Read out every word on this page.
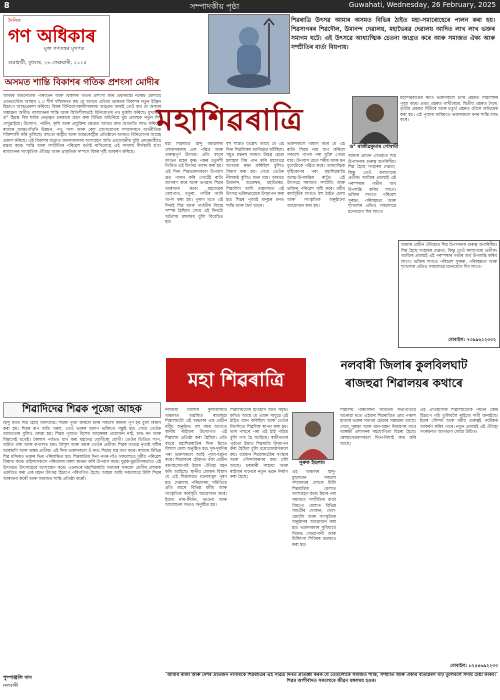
8	সম্পাদকীয় পৃষ্ঠা	Guwahati, Wednesday, 26 February, 2025
দৈনিক
গণ অধিকাৰ
মুক্ত গণতন্ত্ৰৰ মুখপত্ৰ
গুৱাহাটী, বুধবাৰ, ২৬ ফেব্ৰুৱাৰী, ২০২৫
অসমত শান্তি বিকাশৰ গতিক প্ৰশংসা মোদীৰ
অসমৰ অৰ্থনৈতিক পৰিবৰ্তন আৰু বিকাশৰ গতিৰ প্ৰশংসা কৰি প্ৰধানমন্ত্ৰী নৰেন্দ্ৰ মোদীয়ে এডভান্টেজ আছাম ২.০ শীৰ্ষ সন্মিলনত কয় যে অসমে এতিয়া ভাৰতৰ বিকাশৰ নতুন ইঞ্জিন হিচাপে আত্মপ্ৰকাশ কৰিছে। বিশ্বৰ বিনিয়োগকাৰীসকলক আহ্বান জনাই তেওঁ কয় যে অসমৰ সম্ভাৱনা অসীম। ৰাজ্যখনৰ শান্তি আৰু স্থিতিশীলতাই বিনিয়োগৰ পথ মুকলি কৰিছে। মুখ্যমন্ত্ৰী ড° হিমন্ত বিশ্ব শৰ্মাৰ নেতৃত্বত চৰকাৰে গ্ৰহণ কৰা বিভিন্ন আঁচনিয়ে যুৱ প্ৰজন্মক নতুন দিশ দেখুৱাইছে। উদ্যোগ, পৰ্যটন, কৃষি আৰু প্ৰযুক্তিৰ ক্ষেত্ৰত অসমে দ্ৰুত অগ্ৰগতি লাভ কৰিছে। ৰাজ্যৰ আন্তঃগাঁথনি উন্নয়ন, পথ, দলং আৰু ৰেল যোগাযোগৰ সম্প্ৰসাৰণে অৰ্থনীতিক শক্তিশালী কৰি তুলিছে। বহুতো ৰাষ্ট্ৰীয় আৰু আন্তঃৰাষ্ট্ৰীয় প্ৰতিষ্ঠানে অসমত বিনিয়োগৰ আগ্ৰহ প্ৰকাশ কৰিছে। এই বিকাশৰ যাত্ৰাত জনসাধাৰণৰ অংশগ্ৰহণ অতি প্ৰয়োজনীয় বুলি প্ৰধানমন্ত্ৰীয়ে মন্তব্য কৰে। শান্তি আৰু সম্প্ৰীতিৰ পৰিৱেশ বৰ্তাই ৰাখিলেহে এই সাফল্য দীৰ্ঘস্থায়ী হ'ব। ৰাজ্যখনৰ সাংস্কৃতিক ঐতিহ্য আৰু প্ৰাকৃতিক সম্পদে বিশ্বৰ দৃষ্টি আকৰ্ষণ কৰিছে।
শিৱৰাত্ৰি উৎসৱ আমাৰ অসমত বিভিন্ন ঠাইত মহা-সমাৰোহেৰে পালন কৰা হয়। শিৱসাগৰৰ শিৱদৌল, উমানন্দ দেৱালয়, মহাভৈৰৱ দেৱালয় আদিত লাখ লাখ ভক্তৰ সমাগম ঘটে। এই উৎসৱে আধ্যাত্মিক চেতনা জাগ্ৰত কৰে আৰু সমাজত ঐক্য আৰু সম্প্ৰীতিৰ বাৰ্তা বিয়পায়।
মহাশিৱৰাত্ৰি
ড° ৰাজীৱকুমাৰ গোস্বামী
মহা শিৱৰাত্ৰি হিন্দু ধৰ্মাৱলম্বী লোকসকলৰ এক পৱিত্ৰ আৰু গুৰুত্বপূৰ্ণ উৎসৱ। প্ৰতি বছৰে ফাগুন মাহৰ কৃষ্ণ পক্ষৰ চতুৰ্দশী তিথিত এই উৎসৱ পালন কৰা হয়। এই দিনা শিৱভক্তসকলে উপবাস ব্ৰত পালন কৰি গোটেই ৰাতি জাগৰণ কৰে আৰু ভগৱান শিৱৰ আৰাধনা কৰে। মহাদেৱক বেলপাত, ধতুৰা, গাখীৰ আদি অৰ্পণ কৰা হয়। পুৰাণ মতে এই দিনাই শিৱ আৰু পাৰ্বতীৰ বিবাহ সম্পন্ন হৈছিল। সেয়ে এই দিনটো অতিশয় মঙ্গলময় বুলি বিবেচিত হয়।
বহু শাস্ত্ৰত উল্লেখ আছে যে এই দিনা শিৱলিঙ্গৰ আবিৰ্ভাৱ ঘটিছিল। সমুদ্ৰ মন্থনৰ সময়ত উদ্ভৱ হোৱা হলাহল বিষ পান কৰি মহাদেৱে জগতক ৰক্ষা কৰিছিল বুলিও বিশ্বাস কৰা হয়। সেয়ে তেওঁক নীলকণ্ঠ বুলিও জনা যায়। অসমত উমানন্দ, শুক্ৰেশ্বৰ, মহাভৈৰৱ, শিৱদৌল আদি দেৱালয়ত এই উৎসৱ ভক্তিভাৱেৰে উদ্‌যাপন কৰা হয়। শিৱৰ পূজাই মানুহৰ মনত শান্তি আৰু ধৈৰ্য আনে।
ভক্তসকলে বিশ্বাস কৰে যে এই ৰাতি শিৱৰ নাম জপ কৰিলে সকলো পাপৰ পৰা মুক্তি পোৱা যায়। উপবাস ব্ৰতে শৰীৰ আৰু মন দুয়োটাকে পৱিত্ৰ কৰে। আধ্যাত্মিক দৃষ্টিকোণৰ পৰা মহাশিৱৰাত্ৰি আত্ম-উপলব্ধিৰ ৰাতি। এই উৎসৱে সমাজত সম্প্ৰীতি আৰু ভক্তিৰ পৰিৱেশ সৃষ্টি কৰে। ধৰ্মীয় কাৰ্যসূচীৰ লগতে বহু ঠাইত মেলা আৰু সাংস্কৃতিক অনুষ্ঠানো আয়োজন কৰা হয়।
আমাৰ প্ৰাচীন ঐতিহ্যত শিৱ উপাসনাৰ গুৰুত্ব অপৰিসীম। শিৱ হৈছে সংহাৰৰ দেৱতা, কিন্তু তেওঁ কল্যাণৰো প্ৰতীক। আজিৰ প্ৰজন্মই এই পৰম্পৰাৰ গভীৰ অৰ্থ উপলব্ধি কৰিব লাগে। ভক্তিৰ লগতে পৰিৱেশ সুৰক্ষা, পৰিচ্ছন্নতা আৰু শৃংখলাৰ প্ৰতিও সকলোৱে মনোযোগ দিব লাগে।
মহাশিৱৰাত্ৰিৰ ৰাতি ভক্তসকলে চাৰি প্ৰহৰত শিৱলিঙ্গৰ পূজা কৰে। প্ৰথম প্ৰহৰত গাখীৰেৰে, দ্বিতীয় প্ৰহৰত দৈৰে, তৃতীয় প্ৰহৰত ঘিঁউৰে আৰু চতুৰ্থ প্ৰহৰত মৌৰে অভিষেক কৰা হয়। এই পূজাৰ জৰিয়তে ভক্তসকলে মনৰ শান্তি লাভ কৰে।
আমাৰ প্ৰাচীন ঐতিহ্যত শিৱ উপাসনাৰ গুৰুত্ব অপৰিসীম। শিৱ হৈছে সংহাৰৰ দেৱতা, কিন্তু তেওঁ কল্যাণৰো প্ৰতীক। আজিৰ প্ৰজন্মই এই পৰম্পৰাৰ গভীৰ অৰ্থ উপলব্ধি কৰিব লাগে। ভক্তিৰ লগতে পৰিৱেশ সুৰক্ষা, পৰিচ্ছন্নতা আৰু শৃংখলাৰ প্ৰতিও সকলোৱে মনোযোগ দিব লাগে।
মোবাইল: ৭৩৯৯৬১২৩৩২
শিৱাদিদেৱ শিৱক পূজো আহক
হিন্দু ধৰ্মত শিৱ হৈছে আদিদেৱ। শিৱক পূজা কৰিলে মনৰ সকলো কামনা পূৰ্ণ হয় বুলি বিশ্বাস কৰা হয়। শিৱৰ ৰূপ অতি সৰল, তেওঁ ভক্তৰ অলপ ভক্তিতে সন্তুষ্ট হয়। সেয়ে তেওঁক আশুতোষ বুলিও কোৱা হয়। শিৱৰ পূজাত বিশেষ আড়ম্বৰৰ প্ৰয়োজন নাই, শুদ্ধ মন আৰু বিশ্বাসেই যথেষ্ট। কৈলাস পৰ্বতত বাস কৰা মহাদেৱ যোগীৰো যোগী। তেওঁৰ ডিঙিত সাপ, জটাত গঙ্গা আৰু কপালত চন্দ্ৰ। ত্ৰিশূল আৰু ডমৰু তেওঁৰ প্ৰতীক। শিৱৰ তাণ্ডৱ নৃত্যই সৃষ্টিৰ আৰম্ভণি আৰু অন্তৰ প্ৰতীক। এই দিনা ভক্তসকলে ওঁ নমঃ শিৱায় মন্ত্ৰ জপ কৰে। ৰাজ্যৰ বিভিন্ন শিৱ মন্দিৰত ভক্তৰ ভিৰ পৰিলক্ষিত হয়। শিৱৰাত্ৰিৰ দিনা নগৰ-গাঁও সকলোতে ধৰ্মীয় পৰিৱেশ বিৰাজ কৰে। মহিলাসকলে পৰিয়ালৰ মঙ্গল কামনা কৰি উপবাস কৰে। যুৱক-যুৱতীসকলেও এই উৎসৱত উৎসাহেৰে অংশগ্ৰহণ কৰে। এনেদৰে মহাশিৱৰাত্ৰি সমাজৰ সকলো শ্ৰেণীৰ লোকক একত্ৰিত কৰা এক মহান উৎসৱ হিচাপে পৰিগণিত হৈছে। আহক আমি সকলোৱে মিলি শিৱৰ আৰাধনা কৰোঁ আৰু সমাজত শান্তি প্ৰতিষ্ঠা কৰোঁ।
পুষ্পাঞ্জলি দাস
নলবাৰী
মহা শিৱৰাত্ৰি
নলবাৰী জিলাৰ কুলবিলঘাট
ৰাজহুৱা শিৱালয়ৰ কথাৰে
সুৰুক ইছলাম
নলবাৰী জিলাৰ কুলবিলঘাট অঞ্চলত অৱস্থিত ৰাজহুৱা শিৱালয়টো এই অঞ্চলৰ এক প্ৰাচীন ধৰ্মীয় অনুষ্ঠান। বহু বছৰ আগতে স্থানীয় ৰাইজৰ উদ্যোগত এই শিৱালয় প্ৰতিষ্ঠা কৰা হৈছিল। প্ৰতি বছৰে মহাশিৱৰাত্ৰিৰ দিনা ইয়াত বিশাল মেলা অনুষ্ঠিত হয়। দূৰ-দূৰণিৰ পৰা ভক্তসকলে আহি পূজা-অৰ্চনা কৰে। শিৱালয়ৰ চৌহদত থকা প্ৰাচীন বৰগছজোপাই ইয়াৰ ঐতিহ্য বহন কৰি আহিছে। স্থানীয় লোকৰ বিশ্বাস যে এই শিৱালয়ত মনোবাঞ্ছা পূৰণ হয়। দেৱালয় পৰিচালনা সমিতিয়ে প্ৰতি বছৰে বিভিন্ন ধৰ্মীয় আৰু সাংস্কৃতিক কাৰ্যসূচী আয়োজন কৰে। ইয়াত নাম-কীৰ্তন, ভাওনা আৰু আলোচনা সভাও অনুষ্ঠিত হয়।
শিৱালয়টোৰ ইতিহাস অতি সমৃদ্ধ। কথিত আছে যে এজন সাধুৱে এই ঠাইত ধ্যান কৰিছিল আৰু তেওঁৰ নিৰ্দেশতে শিৱলিঙ্গ স্থাপন কৰা হয়। তাৰ পাছৰে পৰা এই ঠাই পৱিত্ৰ বুলি গণ্য হৈ আহিছে। স্বাধীনতাৰ পূৰ্বতো ইয়াত শিৱৰাত্ৰি উদ্‌যাপন কৰা হৈছিল বুলি বয়োজ্যেষ্ঠসকলে কয়। বৰ্তমান শিৱালয়টোৰ সংস্কাৰ আৰু সৌন্দৰ্যকৰণৰ কাম চলি আছে। চৰকাৰী সাহায্য আৰু ৰাইজৰ দানেৰে নতুন ভৱন নিৰ্মাণ কৰা হৈছে।
এই অঞ্চলৰ হিন্দু-মুছলমান সকলো সম্প্ৰদায়ৰ লোকে মিলি শিৱৰাত্ৰিৰ মেলাত অংশগ্ৰহণ কৰে। ইয়াৰ পৰা সমাজত সম্প্ৰীতিৰ বাৰ্তা বিয়পে। মেলাত বিভিন্ন সামগ্ৰীৰ দোকান, খেল-ধেমালি আৰু সাংস্কৃতিক অনুষ্ঠানৰ আয়োজন কৰা হয়। ভক্তসকলৰ সুবিধাৰ্থে বিশুদ্ধ খোৱাপানী আৰু চিকিৎসা শিবিৰৰ ব্যৱস্থাও কৰা হয়।
শিৱালয় পৰিচালনা সমিতিৰ সভাপতিয়ে জনোৱা মতে এইবাৰ শিৱৰাত্ৰিত প্ৰায় পঞ্চাশ হাজাৰ ভক্তৰ সমাগম হোৱাৰ সম্ভাৱনা আছে। সেয়ে সুৰক্ষা আৰু যান-বাহন নিয়ন্ত্ৰণৰ বাবে আৰক্ষী প্ৰশাসনৰ সহযোগিতা বিচৰা হৈছে। স্বেচ্ছাসেৱকসকলে দিনে-নিশাই কাম কৰি আছে।
এই ঐতিহাসিক শিৱালয়টোক পৰ্যটন কেন্দ্ৰ হিচাপে গঢ়ি তুলিবলৈ ৰাইজে দাবী জনাইছে। ইয়াৰ সৌন্দৰ্য আৰু ধৰ্মীয় গুৰুত্বই পৰ্যটকক আকৰ্ষণ কৰিব পাৰে। নতুন প্ৰজন্মই এই ঐতিহ্য সংৰক্ষণত আগভাগ লোৱা উচিত।
মোবাইল: ৮২৫৪৬৯২২৩৩
আমাৰ ৰাজ্য আৰু দেশৰ প্ৰতিজন নাগৰিকে শিৱৰাত্ৰিৰ এই পৱিত্ৰ দিনত প্ৰতিজ্ঞা কৰক যে তেওঁলোকে সমাজত শান্তি, সম্প্ৰীতি আৰু ঐক্যৰ বাতাৱৰণ গঢ়ি তুলিবলৈ সদায় চেষ্টা কৰিব। শিৱৰ আশীৰ্বাদত সকলোৰে জীৱন মঙ্গলময় হওক।
